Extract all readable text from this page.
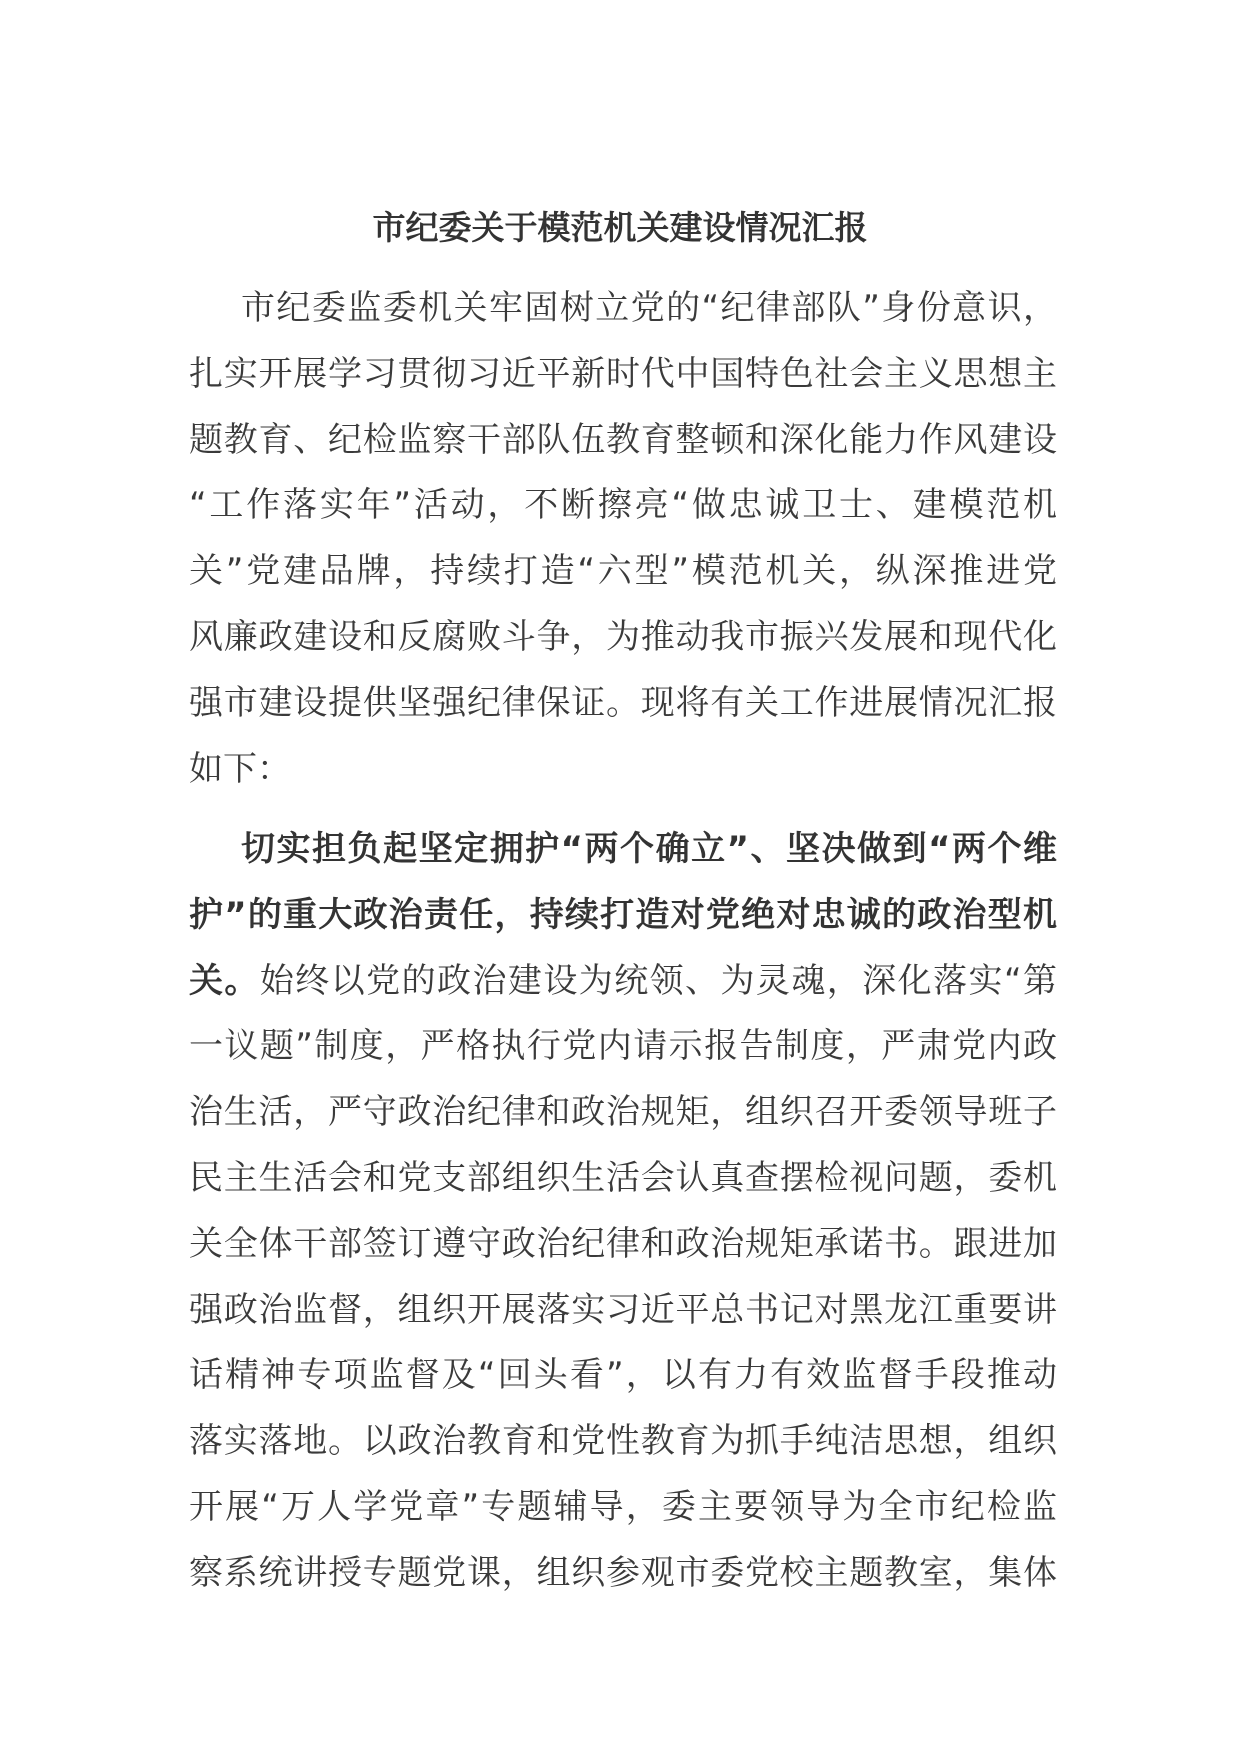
市纪委关于模范机关建设情况汇报
市纪委监委机关牢固树立党的“纪律部队”身份意识，
扎实开展学习贯彻习近平新时代中国特色社会主义思想主
题教育、纪检监察干部队伍教育整顿和深化能力作风建设
“工作落实年”活动，不断擦亮“做忠诚卫士、建模范机
关”党建品牌，持续打造“六型”模范机关，纵深推进党
风廉政建设和反腐败斗争，为推动我市振兴发展和现代化
强市建设提供坚强纪律保证。现将有关工作进展情况汇报
如下：
切实担负起坚定拥护“两个确立”、坚决做到“两个维
护”的重大政治责任，持续打造对党绝对忠诚的政治型机
关。始终以党的政治建设为统领、为灵魂，深化落实“第
一议题”制度，严格执行党内请示报告制度，严肃党内政
治生活，严守政治纪律和政治规矩，组织召开委领导班子
民主生活会和党支部组织生活会认真查摆检视问题，委机
关全体干部签订遵守政治纪律和政治规矩承诺书。跟进加
强政治监督，组织开展落实习近平总书记对黑龙江重要讲
话精神专项监督及“回头看”，以有力有效监督手段推动
落实落地。以政治教育和党性教育为抓手纯洁思想，组织
开展“万人学党章”专题辅导，委主要领导为全市纪检监
察系统讲授专题党课，组织参观市委党校主题教室，集体
